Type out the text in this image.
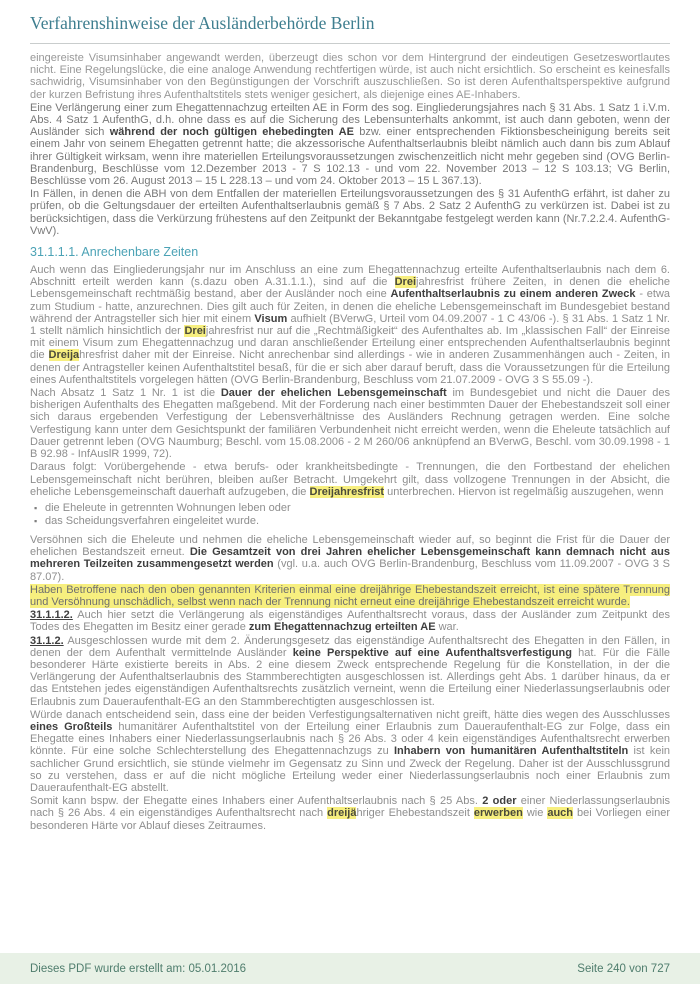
Verfahrenshinweise der Ausländerbehörde Berlin

eingereiste Visumsinhaber angewandt werden, überzeugt dies schon vor dem Hintergrund der eindeutigen Gesetzeswortlautes nicht. Eine Regelungslücke, die eine analoge Anwendung rechtfertigen würde, ist auch nicht ersichtlich. So erscheint es keinesfalls sachwidrig, Visumsinhaber von den Begünstigungen der Vorschrift auszuschließen. So ist deren Aufenthaltsperspektive aufgrund der kurzen Befristung ihres Aufenthaltstitels stets weniger gesichert, als diejenige eines AE-Inhabers.

Eine Verlängerung einer zum Ehegattennachzug erteilten AE in Form des sog. Eingliederungsjahres nach § 31 Abs. 1 Satz 1 i.V.m. Abs. 4 Satz 1 AufenthG, d.h. ohne dass es auf die Sicherung des Lebensunterhalts ankommt, ist auch dann geboten, wenn der Ausländer sich während der noch gültigen ehebedingten AE bzw. einer entsprechenden Fiktionsbescheinigung bereits seit einem Jahr von seinem Ehegatten getrennt hatte; die akzessorische Aufenthaltserlaubnis bleibt nämlich auch dann bis zum Ablauf ihrer Gültigkeit wirksam, wenn ihre materiellen Erteilungsvoraussetzungen zwischenzeitlich nicht mehr gegeben sind (OVG Berlin-Brandenburg, Beschlüsse vom 12.Dezember 2013 - 7 S 102.13 - und vom 22. November 2013 – 12 S 103.13; VG Berlin, Beschlüsse vom 26. August 2013 – 15 L 228.13 – und vom 24. Oktober 2013 – 15 L 367.13).

In Fällen, in denen die ABH von dem Entfallen der materiellen Erteilungsvoraussetzungen des § 31 AufenthG erfährt, ist daher zu prüfen, ob die Geltungsdauer der erteilten Aufenthaltserlaubnis gemäß § 7 Abs. 2 Satz 2 AufenthG zu verkürzen ist. Dabei ist zu berücksichtigen, dass die Verkürzung frühestens auf den Zeitpunkt der Bekanntgabe festgelegt werden kann (Nr.7.2.2.4. AufenthG-VwV).

31.1.1.1. Anrechenbare Zeiten

Auch wenn das Eingliederungsjahr nur im Anschluss an eine zum Ehegattennachzug erteilte Aufenthaltserlaubnis nach dem 6. Abschnitt erteilt werden kann (s.dazu oben A.31.1.1.), sind auf die Dreijahresfrist frühere Zeiten, in denen die eheliche Lebensgemeinschaft rechtmäßig bestand, aber der Ausländer noch eine Aufenthaltserlaubnis zu einem anderen Zweck - etwa zum Studium - hatte, anzurechnen. Dies gilt auch für Zeiten, in denen die eheliche Lebensgemeinschaft im Bundesgebiet bestand während der Antragsteller sich hier mit einem Visum aufhielt (BVerwG, Urteil vom 04.09.2007 - 1 C 43/06 -). § 31 Abs. 1 Satz 1 Nr. 1 stellt nämlich hinsichtlich der Dreijahresfrist nur auf die „Rechtmäßigkeit“ des Aufenthaltes ab. Im „klassischen Fall“ der Einreise mit einem Visum zum Ehegattennachzug und daran anschließender Erteilung einer entsprechenden Aufenthaltserlaubnis beginnt die Dreijahresfrist daher mit der Einreise. Nicht anrechenbar sind allerdings - wie in anderen Zusammenhängen auch - Zeiten, in denen der Antragsteller keinen Aufenthaltstitel besaß, für die er sich aber darauf beruft, dass die Voraussetzungen für die Erteilung eines Aufenthaltstitels vorgelegen hätten (OVG Berlin-Brandenburg, Beschluss vom 21.07.2009 - OVG 3 S 55.09 -).

Nach Absatz 1 Satz 1 Nr. 1 ist die Dauer der ehelichen Lebensgemeinschaft im Bundesgebiet und nicht die Dauer des bisherigen Aufenthalts des Ehegatten maßgebend. Mit der Forderung nach einer bestimmten Dauer der Ehebestandszeit soll einer sich daraus ergebenden Verfestigung der Lebensverhältnisse des Ausländers Rechnung getragen werden. Eine solche Verfestigung kann unter dem Gesichtspunkt der familiären Verbundenheit nicht erreicht werden, wenn die Eheleute tatsächlich auf Dauer getrennt leben (OVG Naumburg; Beschl. vom 15.08.2006 - 2 M 260/06 anknüpfend an BVerwG, Beschl. vom 30.09.1998 - 1 B 92.98 - InfAuslR 1999, 72).

Daraus folgt: Vorübergehende - etwa berufs- oder krankheitsbedingte - Trennungen, die den Fortbestand der ehelichen Lebensgemeinschaft nicht berühren, bleiben außer Betracht. Umgekehrt gilt, dass vollzogene Trennungen in der Absicht, die eheliche Lebensgemeinschaft dauerhaft aufzugeben, die Dreijahresfrist unterbrechen. Hiervon ist regelmäßig auszugehen, wenn

▪ die Eheleute in getrennten Wohnungen leben oder
▪ das Scheidungsverfahren eingeleitet wurde.

Versöhnen sich die Eheleute und nehmen die eheliche Lebensgemeinschaft wieder auf, so beginnt die Frist für die Dauer der ehelichen Bestandszeit erneut. Die Gesamtzeit von drei Jahren ehelicher Lebensgemeinschaft kann demnach nicht aus mehreren Teilzeiten zusammengesetzt werden (vgl. u.a. auch OVG Berlin-Brandenburg, Beschluss vom 11.09.2007 - OVG 3 S 87.07).

Haben Betroffene nach den oben genannten Kriterien einmal eine dreijährige Ehebestandszeit erreicht, ist eine spätere Trennung und Versöhnung unschädlich, selbst wenn nach der Trennung nicht erneut eine dreijährige Ehebestandszeit erreicht wurde.

31.1.1.2. Auch hier setzt die Verlängerung als eigenständiges Aufenthaltsrecht voraus, dass der Ausländer zum Zeitpunkt des Todes des Ehegatten im Besitz einer gerade zum Ehegattennachzug erteilten AE war.

31.1.2. Ausgeschlossen wurde mit dem 2. Änderungsgesetz das eigenständige Aufenthaltsrecht des Ehegatten in den Fällen, in denen der dem Aufenthalt vermittelnde Ausländer keine Perspektive auf eine Aufenthaltsverfestigung hat. Für die Fälle besonderer Härte existierte bereits in Abs. 2 eine diesem Zweck entsprechende Regelung für die Konstellation, in der die Verlängerung der Aufenthaltserlaubnis des Stammberechtigten ausgeschlossen ist. Allerdings geht Abs. 1 darüber hinaus, da er das Entstehen jedes eigenständigen Aufenthaltsrechts zusätzlich verneint, wenn die Erteilung einer Niederlassungserlaubnis oder Erlaubnis zum Daueraufenthalt-EG an den Stammberechtigten ausgeschlossen ist.

Würde danach entscheidend sein, dass eine der beiden Verfestigungsalternativen nicht greift, hätte dies wegen des Ausschlusses eines Großteils humanitärer Aufenthaltstitel von der Erteilung einer Erlaubnis zum Daueraufenthalt-EG zur Folge, dass ein Ehegatte eines Inhabers einer Niederlassungserlaubnis nach § 26 Abs. 3 oder 4 kein eigenständiges Aufenthaltsrecht erwerben könnte. Für eine solche Schlechterstellung des Ehegattennachzugs zu Inhabern von humanitären Aufenthaltstiteln ist kein sachlicher Grund ersichtlich, sie stünde vielmehr im Gegensatz zu Sinn und Zweck der Regelung. Daher ist der Ausschlussgrund so zu verstehen, dass er auf die nicht mögliche Erteilung weder einer Niederlassungserlaubnis noch einer Erlaubnis zum Daueraufenthalt-EG abstellt.

Somit kann bspw. der Ehegatte eines Inhabers einer Aufenthaltserlaubnis nach § 25 Abs. 2 oder einer Niederlassungserlaubnis nach § 26 Abs. 4 ein eigenständiges Aufenthaltsrecht nach dreijähriger Ehebestandszeit erwerben wie auch bei Vorliegen einer besonderen Härte vor Ablauf dieses Zeitraumes.

Dieses PDF wurde erstellt am: 05.01.2016	Seite 240 von 727
